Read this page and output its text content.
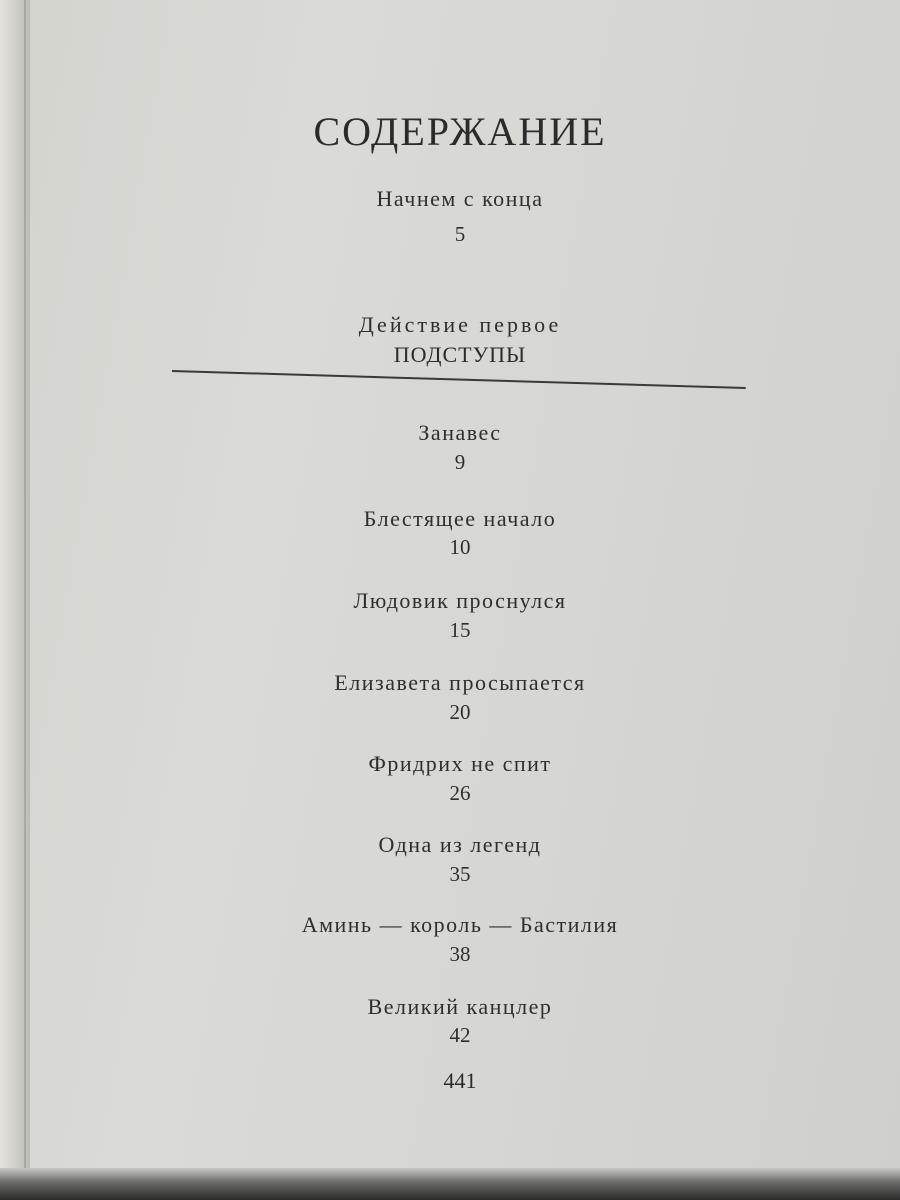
СОДЕРЖАНИЕ
Начнем с конца
5
Действие первое
ПОДСТУПЫ
Занавес
9
Блестящее начало
10
Людовик проснулся
15
Елизавета просыпается
20
Фридрих не спит
26
Одна из легенд
35
Аминь — король — Бастилия
38
Великий канцлер
42
441
